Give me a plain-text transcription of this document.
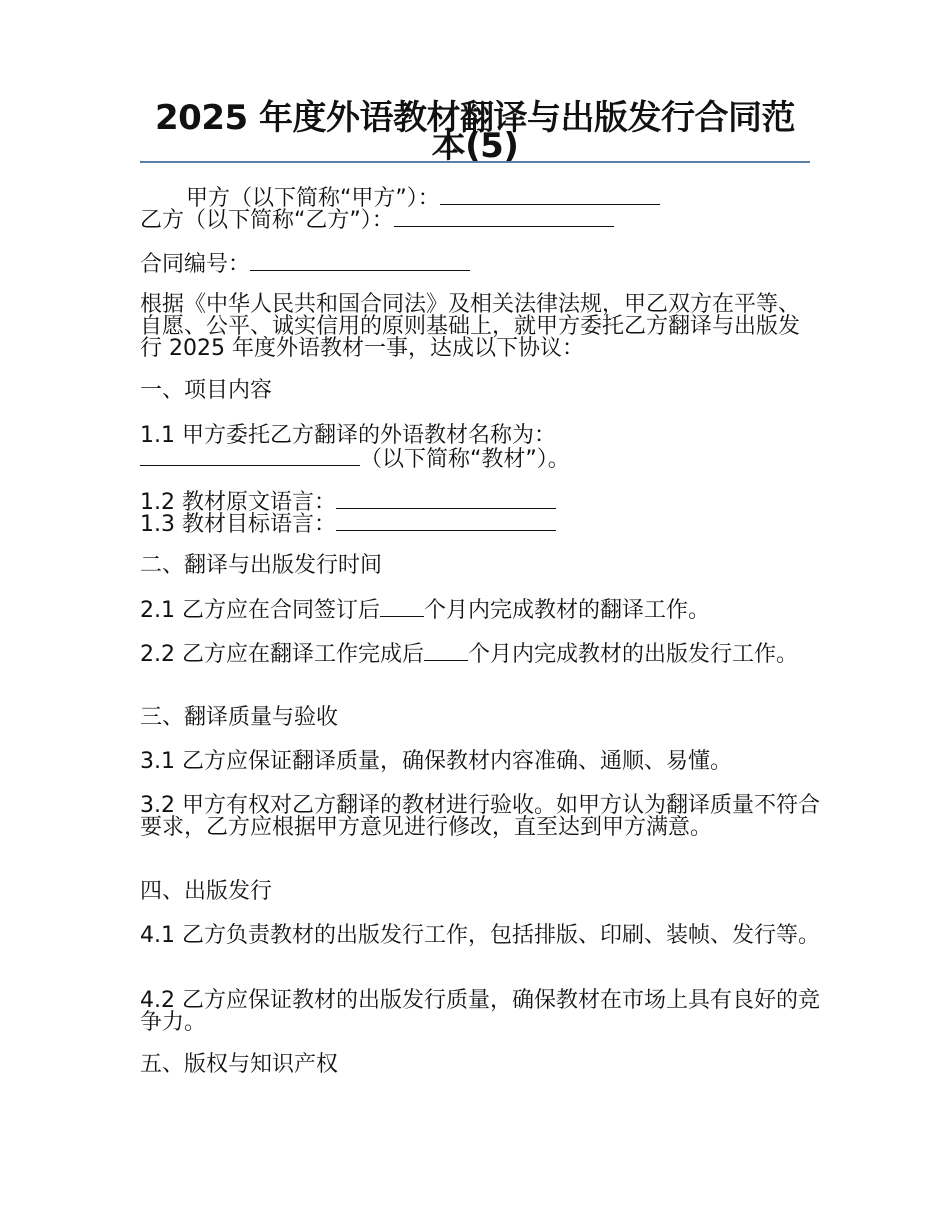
2025 年度外语教材翻译与出版发行合同范本(5)

甲方（以下简称“甲方”）：

乙方（以下简称“乙方”）：

合同编号：

根据《中华人民共和国合同法》及相关法律法规，甲乙双方在平等、自愿、公平、诚实信用的原则基础上，就甲方委托乙方翻译与出版发行 2025 年度外语教材一事，达成以下协议：

一、项目内容

1.1 甲方委托乙方翻译的外语教材名称为：
（以下简称“教材”）。

1.2 教材原文语言：

1.3 教材目标语言：

二、翻译与出版发行时间

2.1 乙方应在合同签订后 个月内完成教材的翻译工作。

2.2 乙方应在翻译工作完成后 个月内完成教材的出版发行工作。

三、翻译质量与验收

3.1 乙方应保证翻译质量，确保教材内容准确、通顺、易懂。

3.2 甲方有权对乙方翻译的教材进行验收。如甲方认为翻译质量不符合要求，乙方应根据甲方意见进行修改，直至达到甲方满意。

四、出版发行

4.1 乙方负责教材的出版发行工作，包括排版、印刷、装帧、发行等。

4.2 乙方应保证教材的出版发行质量，确保教材在市场上具有良好的竞争力。

五、版权与知识产权
